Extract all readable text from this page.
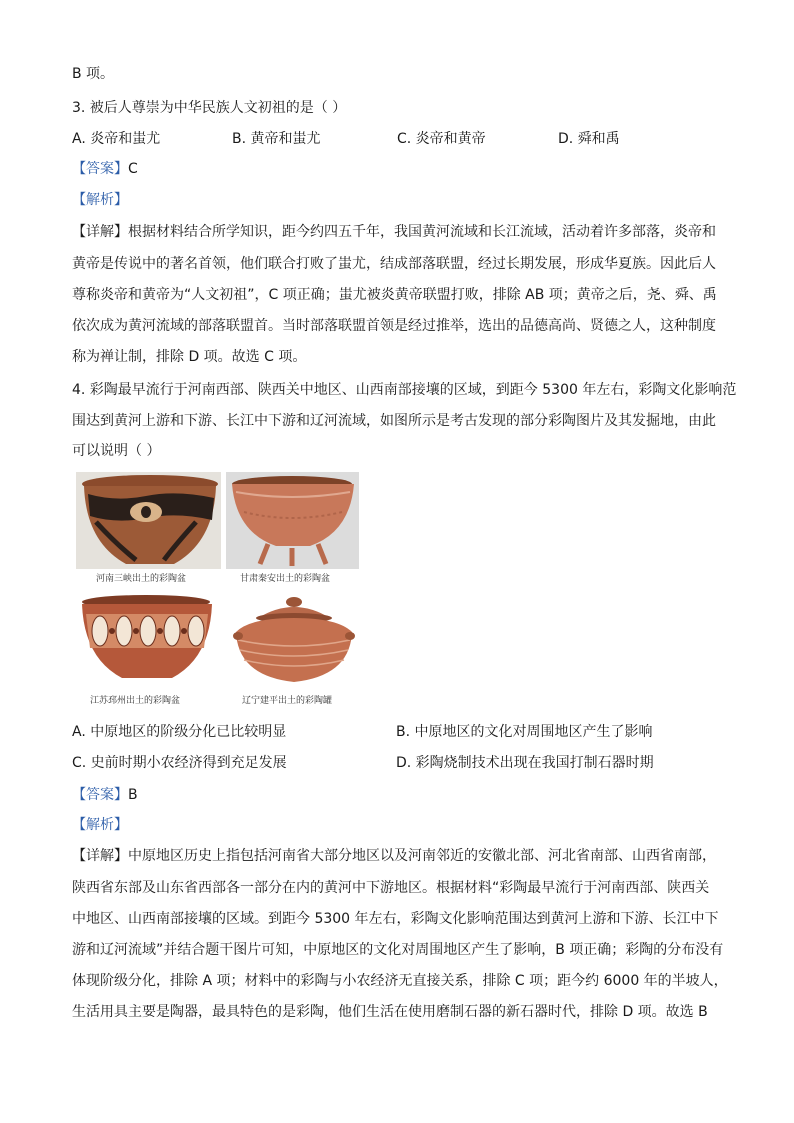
B 项。
3. 被后人尊崇为中华民族人文初祖的是（ ）
A. 炎帝和蚩尤	B. 黄帝和蚩尤	C. 炎帝和黄帝	D. 舜和禹
【答案】C
【解析】
【详解】根据材料结合所学知识，距今约四五千年，我国黄河流域和长江流域，活动着许多部落，炎帝和
黄帝是传说中的著名首领，他们联合打败了蚩尤，结成部落联盟，经过长期发展，形成华夏族。因此后人
尊称炎帝和黄帝为“人文初祖”，C 项正确；蚩尤被炎黄帝联盟打败，排除 AB 项；黄帝之后，尧、舜、禹
依次成为黄河流域的部落联盟首。当时部落联盟首领是经过推举，选出的品德高尚、贤德之人，这种制度
称为禅让制，排除 D 项。故选 C 项。
4. 彩陶最早流行于河南西部、陕西关中地区、山西南部接壤的区域，到距今 5300 年左右，彩陶文化影响范
围达到黄河上游和下游、长江中下游和辽河流域，如图所示是考古发现的部分彩陶图片及其发掘地，由此
可以说明（ ）
河南三峡出土的彩陶盆	甘肃秦安出土的彩陶盆
江苏邳州出土的彩陶盆	辽宁建平出土的彩陶罐
A. 中原地区的阶级分化已比较明显	B. 中原地区的文化对周围地区产生了影响
C. 史前时期小农经济得到充足发展	D. 彩陶烧制技术出现在我国打制石器时期
【答案】B
【解析】
【详解】中原地区历史上指包括河南省大部分地区以及河南邻近的安徽北部、河北省南部、山西省南部，
陕西省东部及山东省西部各一部分在内的黄河中下游地区。根据材料“彩陶最早流行于河南西部、陕西关
中地区、山西南部接壤的区域。到距今 5300 年左右，彩陶文化影响范围达到黄河上游和下游、长江中下
游和辽河流域”并结合题干图片可知，中原地区的文化对周围地区产生了影响，B 项正确；彩陶的分布没有
体现阶级分化，排除 A 项；材料中的彩陶与小农经济无直接关系，排除 C 项；距今约 6000 年的半坡人，
生活用具主要是陶器，最具特色的是彩陶，他们生活在使用磨制石器的新石器时代，排除 D 项。故选 B
